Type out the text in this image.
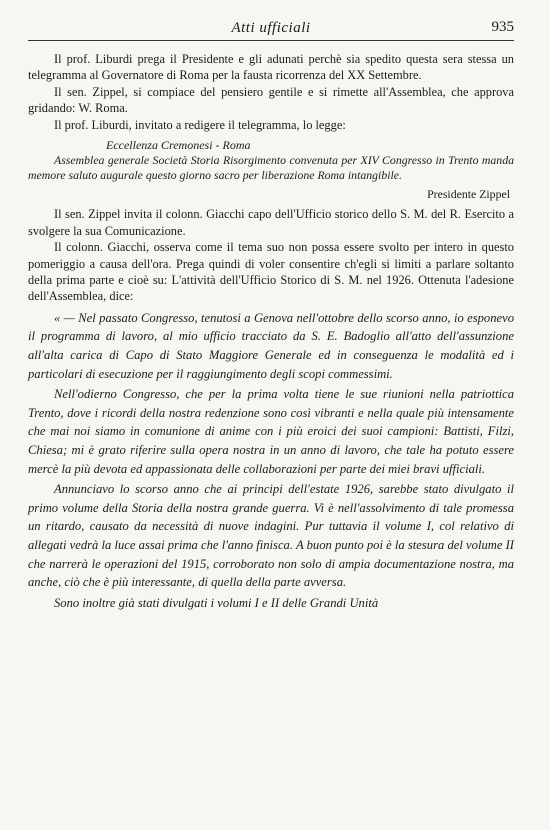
Atti ufficiali	935

Il prof. Liburdi prega il Presidente e gli adunati perchè sia spedito questa sera stessa un telegramma al Governatore di Roma per la fausta ricorrenza del XX Settembre.

Il sen. Zippel, si compiace del pensiero gentile e si rimette all'Assemblea, che approva gridando: W. Roma.

Il prof. Liburdi, invitato a redigere il telegramma, lo legge:

Eccellenza Cremonesi - Roma
Assemblea generale Società Storia Risorgimento convenuta per XIV Congresso in Trento manda memore saluto augurale questo giorno sacro per liberazione Roma intangibile.
Presidente Zippel

Il sen. Zippel invita il colonn. Giacchi capo dell'Ufficio storico dello S. M. del R. Esercito a svolgere la sua Comunicazione.

Il colonn. Giacchi, osserva come il tema suo non possa essere svolto per intero in questo pomeriggio a causa dell'ora. Prega quindi di voler consentire ch'egli si limiti a parlare soltanto della prima parte e cioè su: L'attività dell'Ufficio Storico di S. M. nel 1926. Ottenuta l'adesione dell'Assemblea, dice:

« — Nel passato Congresso, tenutosi a Genova nell'ottobre dello scorso anno, io esponevo il programma di lavoro, al mio ufficio tracciato da S. E. Badoglio all'atto dell'assunzione all'alta carica di Capo di Stato Maggiore Generale ed in conseguenza le modalità ed i particolari di esecuzione per il raggiungimento degli scopi commessimi.

Nell'odierno Congresso, che per la prima volta tiene le sue riunioni nella patriottica Trento, dove i ricordi della nostra redenzione sono così vibranti e nella quale più intensamente che mai noi siamo in comunione di anime con i più eroici dei suoi campioni: Battisti, Filzi, Chiesa; mi è grato riferire sulla opera nostra in un anno di lavoro, che tale ha potuto essere mercè la più devota ed appassionata delle collaborazioni per parte dei miei bravi ufficiali.

Annunciavo lo scorso anno che ai principi dell'estate 1926, sarebbe stato divulgato il primo volume della Storia della nostra grande guerra. Vi è nell'assolvimento di tale promessa un ritardo, causato da necessità di nuove indagini. Pur tuttavia il volume I, col relativo di allegati vedrà la luce assai prima che l'anno finisca. A buon punto poi è la stesura del volume II che narrerà le operazioni del 1915, corroborato non solo di ampia documentazione nostra, ma anche, ciò che è più interessante, di quella della parte avversa.

Sono inoltre già stati divulgati i volumi I e II delle Grandi Unità
